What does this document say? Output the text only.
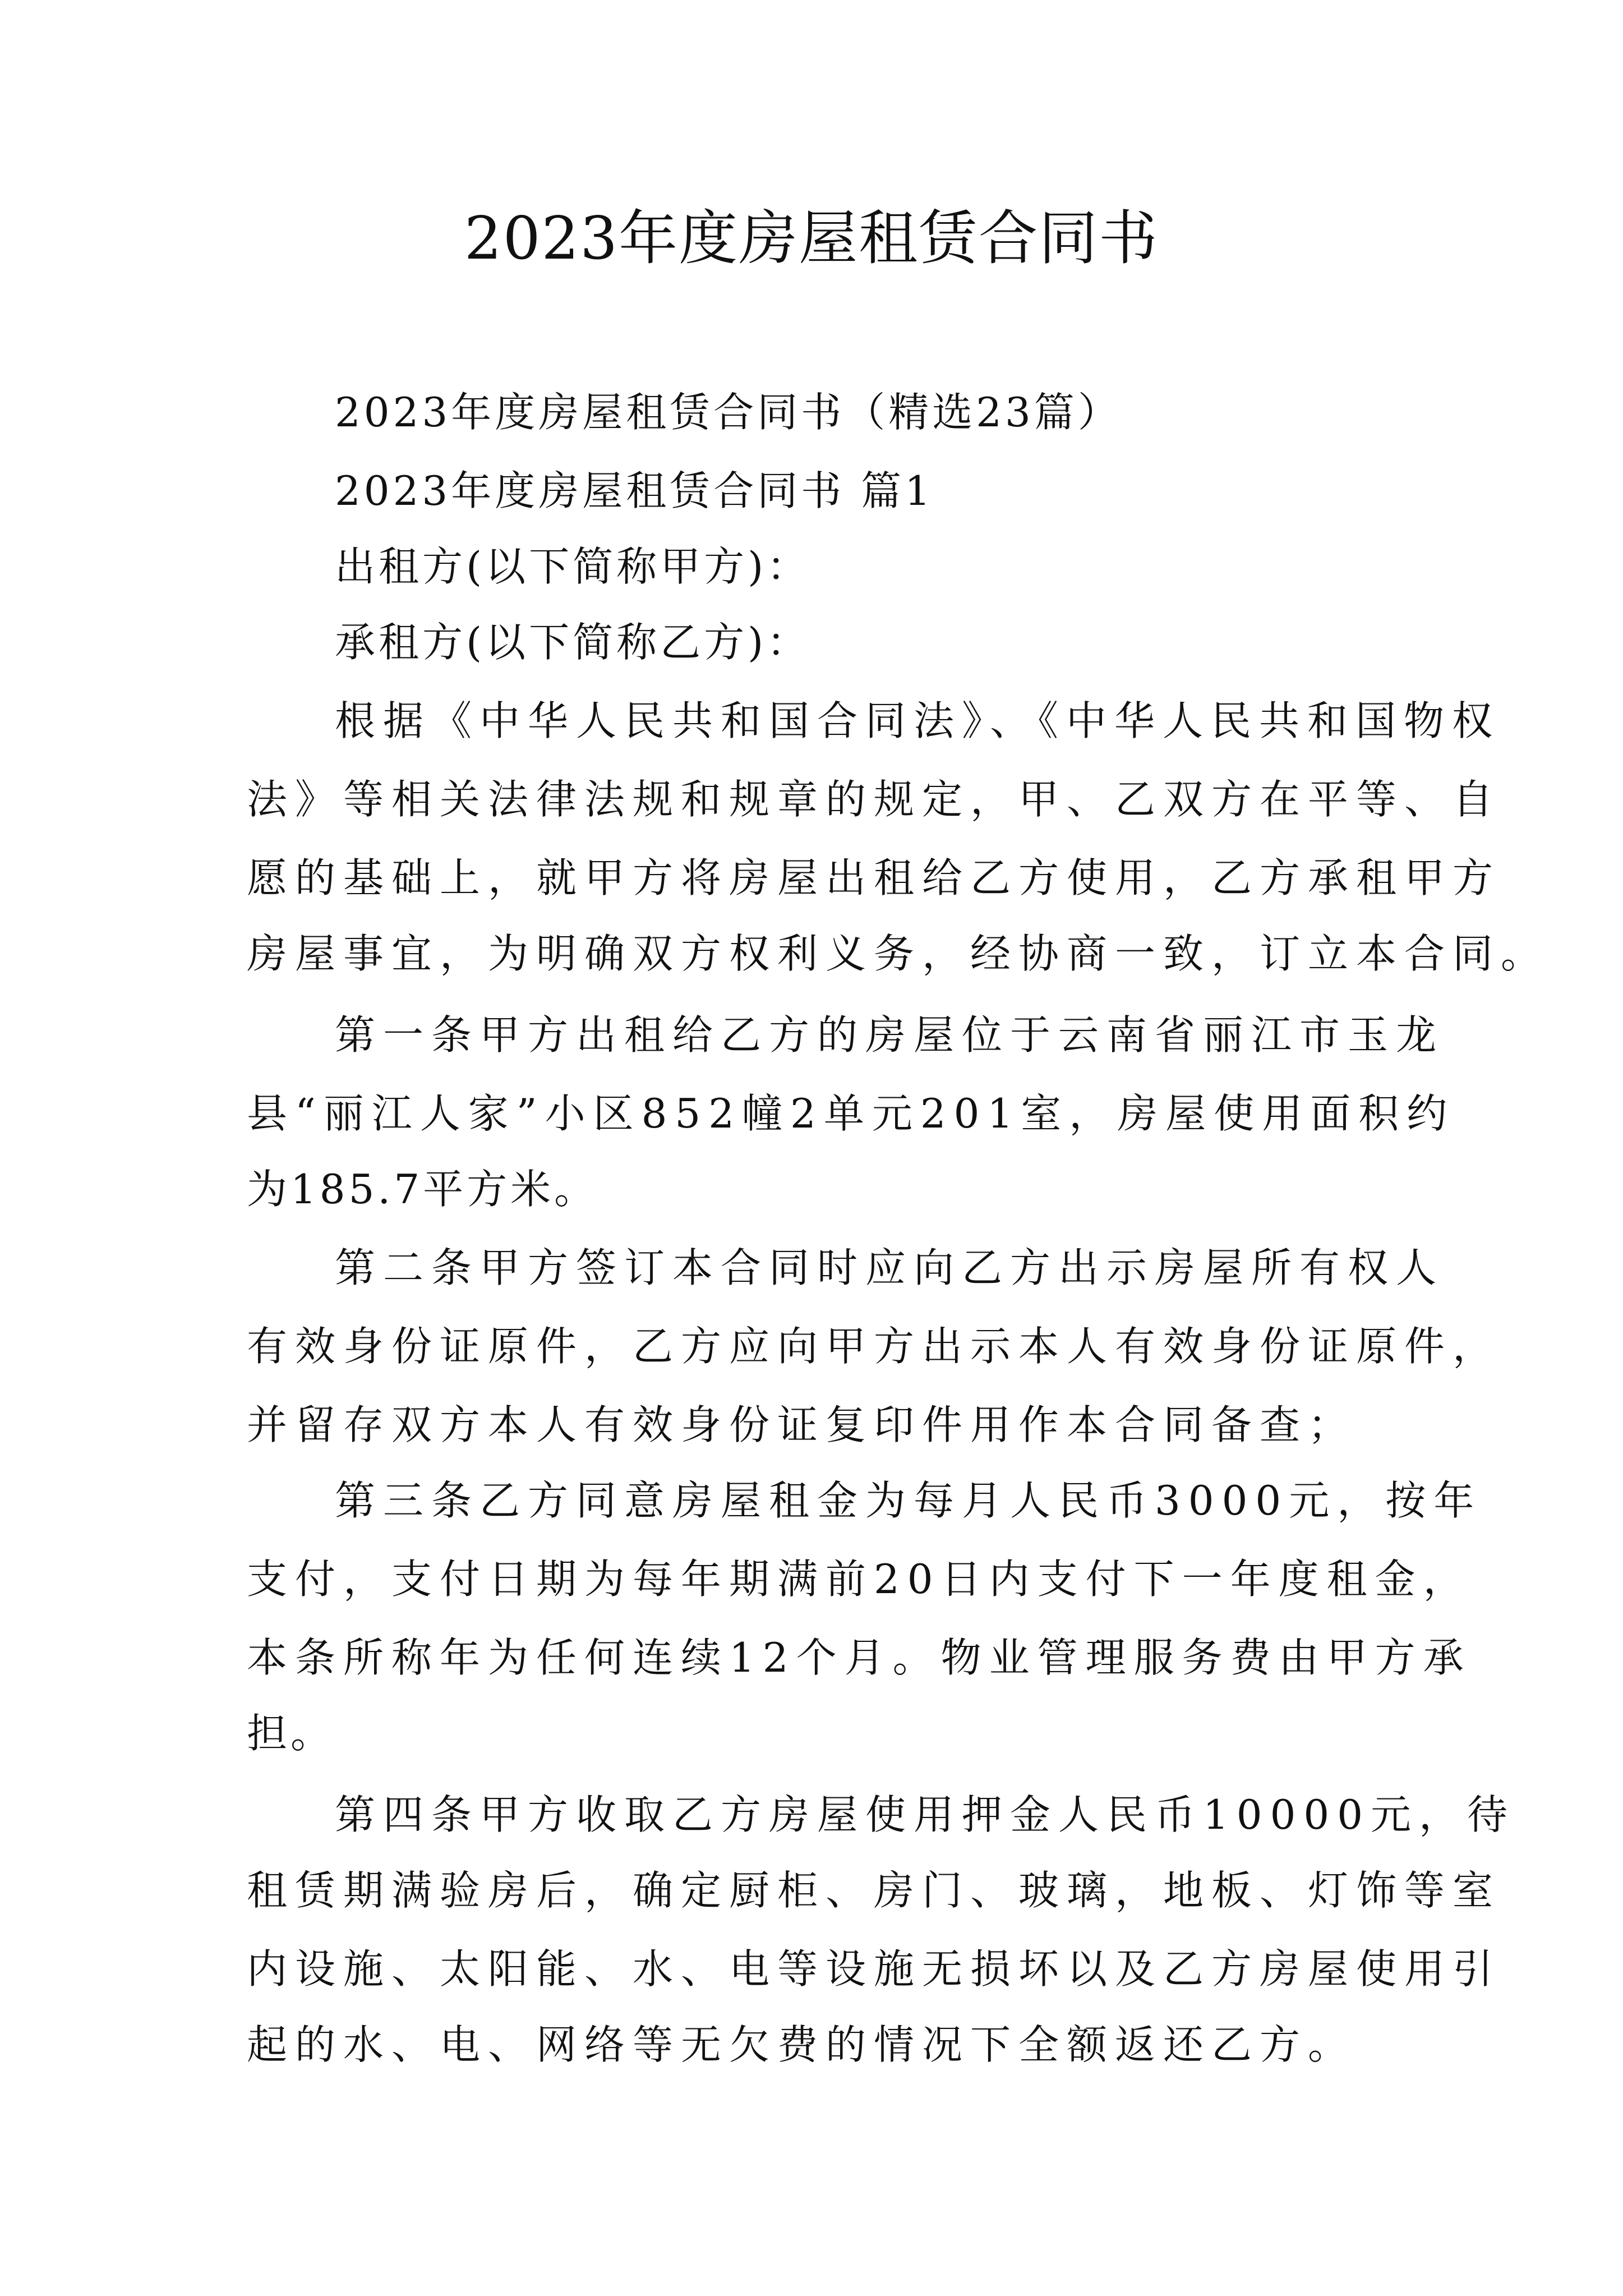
2023年度房屋租赁合同书
2023年度房屋租赁合同书（精选23篇）
2023年度房屋租赁合同书 篇1
出租方(以下简称甲方)：
承租方(以下简称乙方)：
根据《中华人民共和国合同法》、《中华人民共和国物权
法》等相关法律法规和规章的规定，甲、乙双方在平等、自
愿的基础上，就甲方将房屋出租给乙方使用，乙方承租甲方
房屋事宜，为明确双方权利义务，经协商一致，订立本合同。
第一条甲方出租给乙方的房屋位于云南省丽江市玉龙
县“丽江人家”小区852幢2单元201室，房屋使用面积约
为185.7平方米。
第二条甲方签订本合同时应向乙方出示房屋所有权人
有效身份证原件，乙方应向甲方出示本人有效身份证原件，
并留存双方本人有效身份证复印件用作本合同备查；
第三条乙方同意房屋租金为每月人民币3000元，按年
支付，支付日期为每年期满前20日内支付下一年度租金，
本条所称年为任何连续12个月。物业管理服务费由甲方承
担。
第四条甲方收取乙方房屋使用押金人民币10000元，待
租赁期满验房后，确定厨柜、房门、玻璃，地板、灯饰等室
内设施、太阳能、水、电等设施无损坏以及乙方房屋使用引
起的水、电、网络等无欠费的情况下全额返还乙方。
